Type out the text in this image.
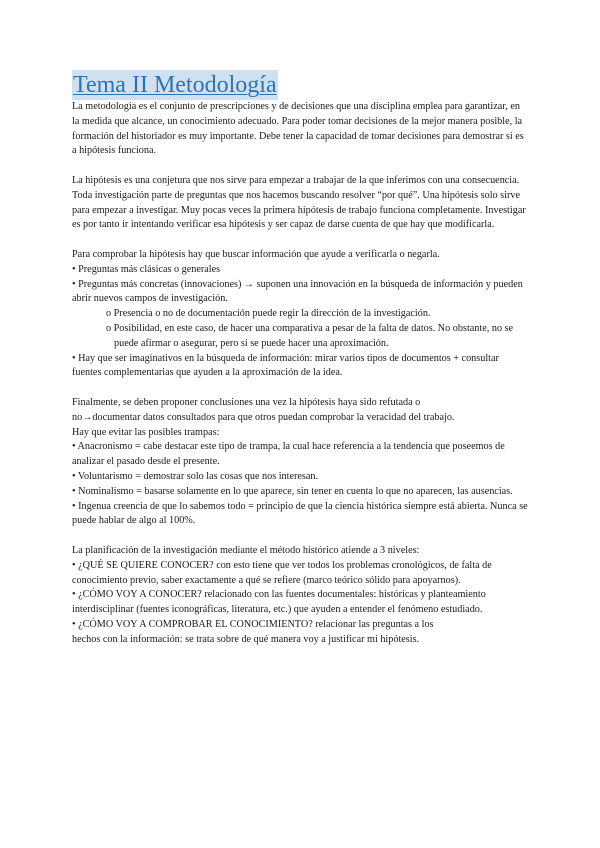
Tema II Metodología

La metodología es el conjunto de prescripciones y de decisiones que una disciplina emplea para garantizar, en la medida que alcance, un conocimiento adecuado. Para poder tomar decisiones de la mejor manera posible, la formación del historiador es muy importante. Debe tener la capacidad de tomar decisiones para demostrar si es a hipótesis funciona.

La hipótesis es una conjetura que nos sirve para empezar a trabajar de la que inferimos con una consecuencia. Toda investigación parte de preguntas que nos hacemos buscando resolver “por qué”. Una hipótesis solo sirve para empezar a investigar. Muy pocas veces la primera hipótesis de trabajo funciona completamente. Investigar es por tanto ir intentando verificar esa hipótesis y ser capaz de darse cuenta de que hay que modificarla.

Para comprobar la hipótesis hay que buscar información que ayude a verificarla o negarla.

• Preguntas más clásicas o generales

• Preguntas más concretas (innovaciones) → suponen una innovación en la búsqueda de información y pueden abrir nuevos campos de investigación.

o Presencia o no de documentación puede regir la dirección de la investigación.

o Posibilidad, en este caso, de hacer una comparativa a pesar de la falta de datos. No obstante, no se puede afirmar o asegurar, pero sí se puede hacer una aproximación.

• Hay que ser imaginativos en la búsqueda de información: mirar varios tipos de documentos + consultar fuentes complementarias que ayuden a la aproximación de la idea.

Finalmente, se deben proponer conclusiones una vez la hipótesis haya sido refutada o

no→documentar datos consultados para que otros puedan comprobar la veracidad del trabajo.

Hay que evitar las posibles trampas:

• Anacronismo = cabe destacar este tipo de trampa, la cual hace referencia a la tendencia que poseemos de analizar el pasado desde el presente.

• Voluntarismo = demostrar solo las cosas que nos interesan.

• Nominalismo = basarse solamente en lo que aparece, sin tener en cuenta lo que no aparecen, las ausencias.

• Ingenua creencia de que lo sabemos todo = principio de que la ciencia histórica siempre está abierta. Nunca se puede hablar de algo al 100%.

La planificación de la investigación mediante el método histórico atiende a 3 niveles:

• ¿QUÉ SE QUIERE CONOCER? con esto tiene que ver todos los problemas cronológicos, de falta de conocimiento previo, saber exactamente a qué se refiere (marco teórico sólido para apoyarnos).

• ¿CÓMO VOY A CONOCER? relacionado con las fuentes documentales: históricas y planteamiento interdisciplinar (fuentes iconográficas, literatura, etc.) que ayuden a entender el fenómeno estudiado.

• ¿CÓMO VOY A COMPROBAR EL CONOCIMIENTO? relacionar las preguntas a los

hechos con la información: se trata sobre de qué manera voy a justificar mi hipótesis.
